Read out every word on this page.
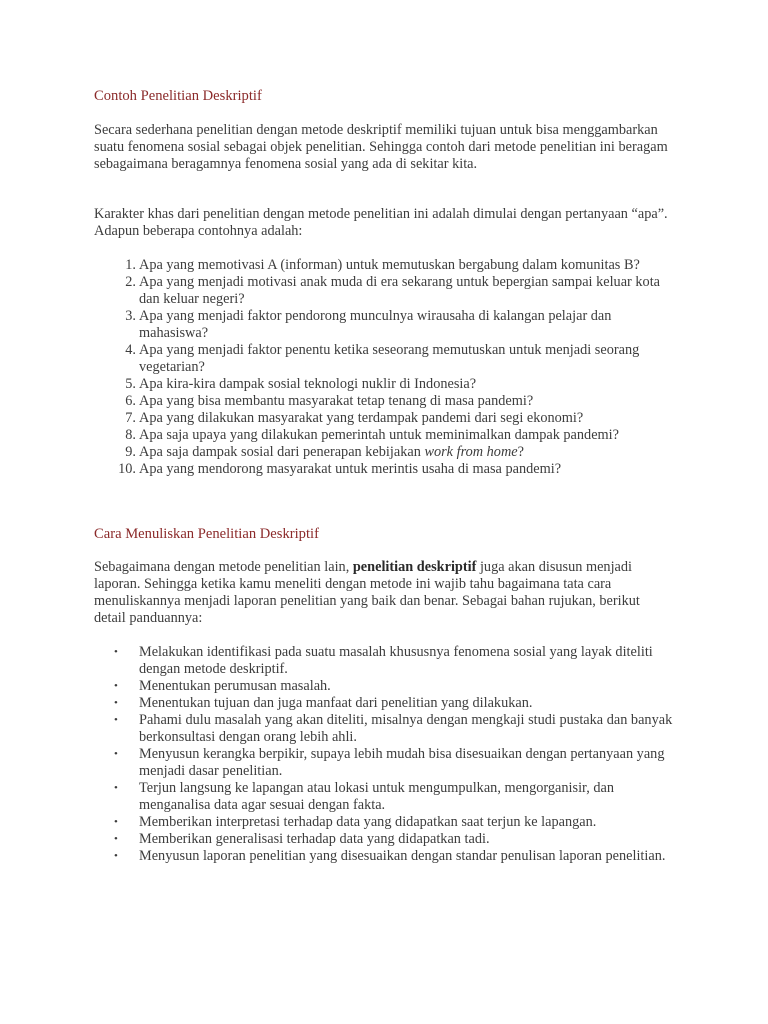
Contoh Penelitian Deskriptif

Secara sederhana penelitian dengan metode deskriptif memiliki tujuan untuk bisa menggambarkan suatu fenomena sosial sebagai objek penelitian. Sehingga contoh dari metode penelitian ini beragam sebagaimana beragamnya fenomena sosial yang ada di sekitar kita.

Karakter khas dari penelitian dengan metode penelitian ini adalah dimulai dengan pertanyaan “apa”. Adapun beberapa contohnya adalah:

1. Apa yang memotivasi A (informan) untuk memutuskan bergabung dalam komunitas B?
2. Apa yang menjadi motivasi anak muda di era sekarang untuk bepergian sampai keluar kota dan keluar negeri?
3. Apa yang menjadi faktor pendorong munculnya wirausaha di kalangan pelajar dan mahasiswa?
4. Apa yang menjadi faktor penentu ketika seseorang memutuskan untuk menjadi seorang vegetarian?
5. Apa kira-kira dampak sosial teknologi nuklir di Indonesia?
6. Apa yang bisa membantu masyarakat tetap tenang di masa pandemi?
7. Apa yang dilakukan masyarakat yang terdampak pandemi dari segi ekonomi?
8. Apa saja upaya yang dilakukan pemerintah untuk meminimalkan dampak pandemi?
9. Apa saja dampak sosial dari penerapan kebijakan work from home?
10. Apa yang mendorong masyarakat untuk merintis usaha di masa pandemi?
Cara Menuliskan Penelitian Deskriptif

Sebagaimana dengan metode penelitian lain, penelitian deskriptif juga akan disusun menjadi laporan. Sehingga ketika kamu meneliti dengan metode ini wajib tahu bagaimana tata cara menuliskannya menjadi laporan penelitian yang baik dan benar. Sebagai bahan rujukan, berikut detail panduannya:

• Melakukan identifikasi pada suatu masalah khususnya fenomena sosial yang layak diteliti dengan metode deskriptif.
• Menentukan perumusan masalah.
• Menentukan tujuan dan juga manfaat dari penelitian yang dilakukan.
• Pahami dulu masalah yang akan diteliti, misalnya dengan mengkaji studi pustaka dan banyak berkonsultasi dengan orang lebih ahli.
• Menyusun kerangka berpikir, supaya lebih mudah bisa disesuaikan dengan pertanyaan yang menjadi dasar penelitian.
• Terjun langsung ke lapangan atau lokasi untuk mengumpulkan, mengorganisir, dan menganalisa data agar sesuai dengan fakta.
• Memberikan interpretasi terhadap data yang didapatkan saat terjun ke lapangan.
• Memberikan generalisasi terhadap data yang didapatkan tadi.
• Menyusun laporan penelitian yang disesuaikan dengan standar penulisan laporan penelitian.
